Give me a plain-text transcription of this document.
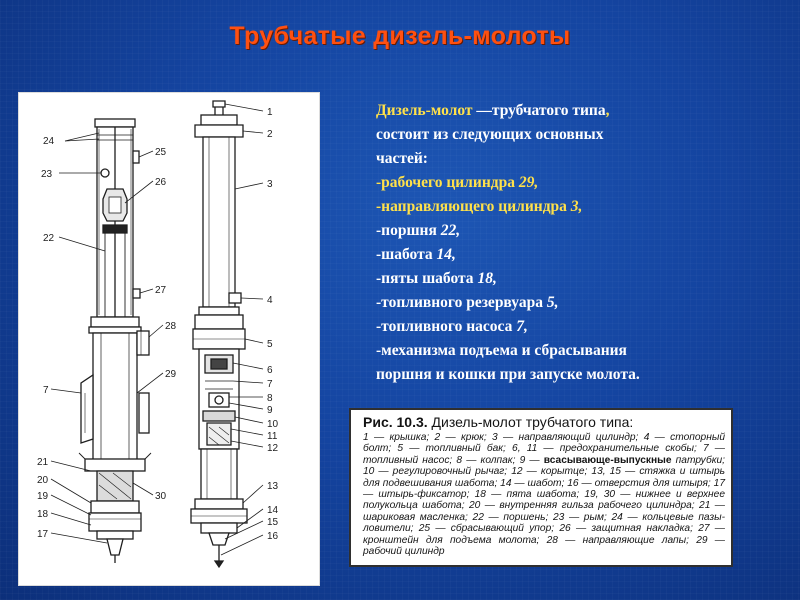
Трубчатые дизель-молоты
24
23
22
7
21
20
19
18
17
25
26
27
28
29
30
1
2
3
4
5
6
7
8
9
10
11
12
13
14
15
16
Дизель-молот —трубчатого типа,
состоит из следующих основных
частей:
-рабочего цилиндра 29,
-направляющего цилиндра 3,
-поршня 22,
-шабота 14,
-пяты шабота 18,
-топливного резервуара 5,
-топливного насоса 7,
-механизма подъема и сбрасывания
поршня и кошки при запуске молота.
Рис. 10.3. Дизель-молот трубчатого типа:
1 — крышка; 2 — крюк; 3 — направляющий цилиндр; 4 — стопорный болт; 5 — топливный бак; 6, 11 — предохранительные скобы; 7 — топливный насос; 8 — колпак; 9 — всасывающе-выпускные патрубки; 10 — регулировочный рычаг; 12 — корытце; 13, 15 — стяжка и штырь для подвешивания шабота; 14 — шабот; 16 — отверстия для штыря; 17 — штырь-фиксатор; 18 — пята шабота; 19, 30 — нижнее и верхнее полукольца шабота; 20 — внутренняя гильза рабочего цилиндра; 21 — шариковая масленка; 22 — поршень; 23 — рым; 24 — кольцевые пазы-ловители; 25 — сбрасывающий упор; 26 — защитная накладка; 27 — кронштейн для подъема молота; 28 — направляющие лапы; 29 — рабочий цилиндр
